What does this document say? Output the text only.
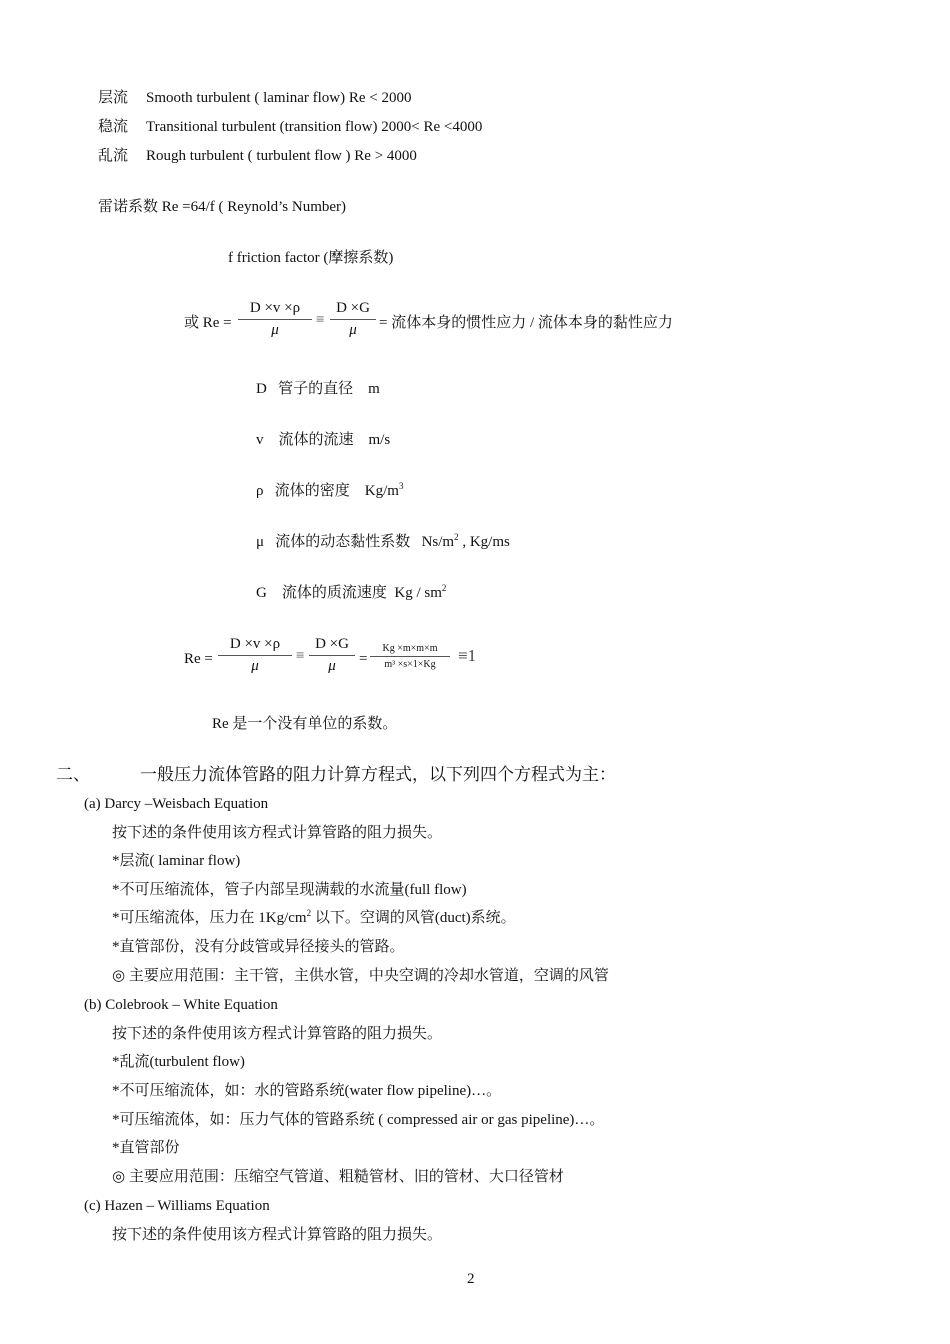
层流 Smooth turbulent ( laminar flow) Re < 2000
稳流 Transitional turbulent (transition flow) 2000< Re <4000
乱流 Rough turbulent ( turbulent flow ) Re > 4000
雷诺系数 Re =64/f ( Reynold’s Number)
f friction factor (摩擦系数)
或 $Re = \frac{D \times v \times\rho}{\mu} \equiv \frac{D \times G}{\mu}$ = 流体本身的惯性应力 / 流体本身的黏性应力
D 管子的直径 m
v 流体的流速 m/s
ρ 流体的密度 $Kg/m^3$
μ 流体的动态黏性系数 $Ns/m^2$ , Kg/ms
G 流体的质流速度 Kg / $sm^2$
$Re = \frac{D \times v \times\rho}{\mu} \equiv \frac{D \times G}{\mu} = \frac{Kg \times m\times m\times m}{\text{m³ ×s×1×Kg}} \equiv 1$
Re 是一个没有单位的系数。
二、	一般压力流体管路的阻力计算方程式，以下列四个方程式为主：
(a) Darcy –Weisbach Equation
按下述的条件使用该方程式计算管路的阻力损失。
*层流( laminar flow)
*不可压缩流体，管子内部呈现满载的水流量(full flow)
*可压缩流体，压力在 $1Kg/cm^2$ 以下。空调的风管(duct)系统。
*直管部份，没有分歧管或异径接头的管路。
◎ 主要应用范围：主干管，主供水管，中央空调的冷却水管道，空调的风管
(b) Colebrook – White Equation
按下述的条件使用该方程式计算管路的阻力损失。
*乱流(turbulent flow)
*不可压缩流体，如：水的管路系统(water flow pipeline)…。
*可压缩流体，如：压力气体的管路系统 ( compressed air or gas pipeline)…。
*直管部份
◎ 主要应用范围：压缩空气管道、粗糙管材、旧的管材、大口径管材
(c) Hazen – Williams Equation
按下述的条件使用该方程式计算管路的阻力损失。
2
